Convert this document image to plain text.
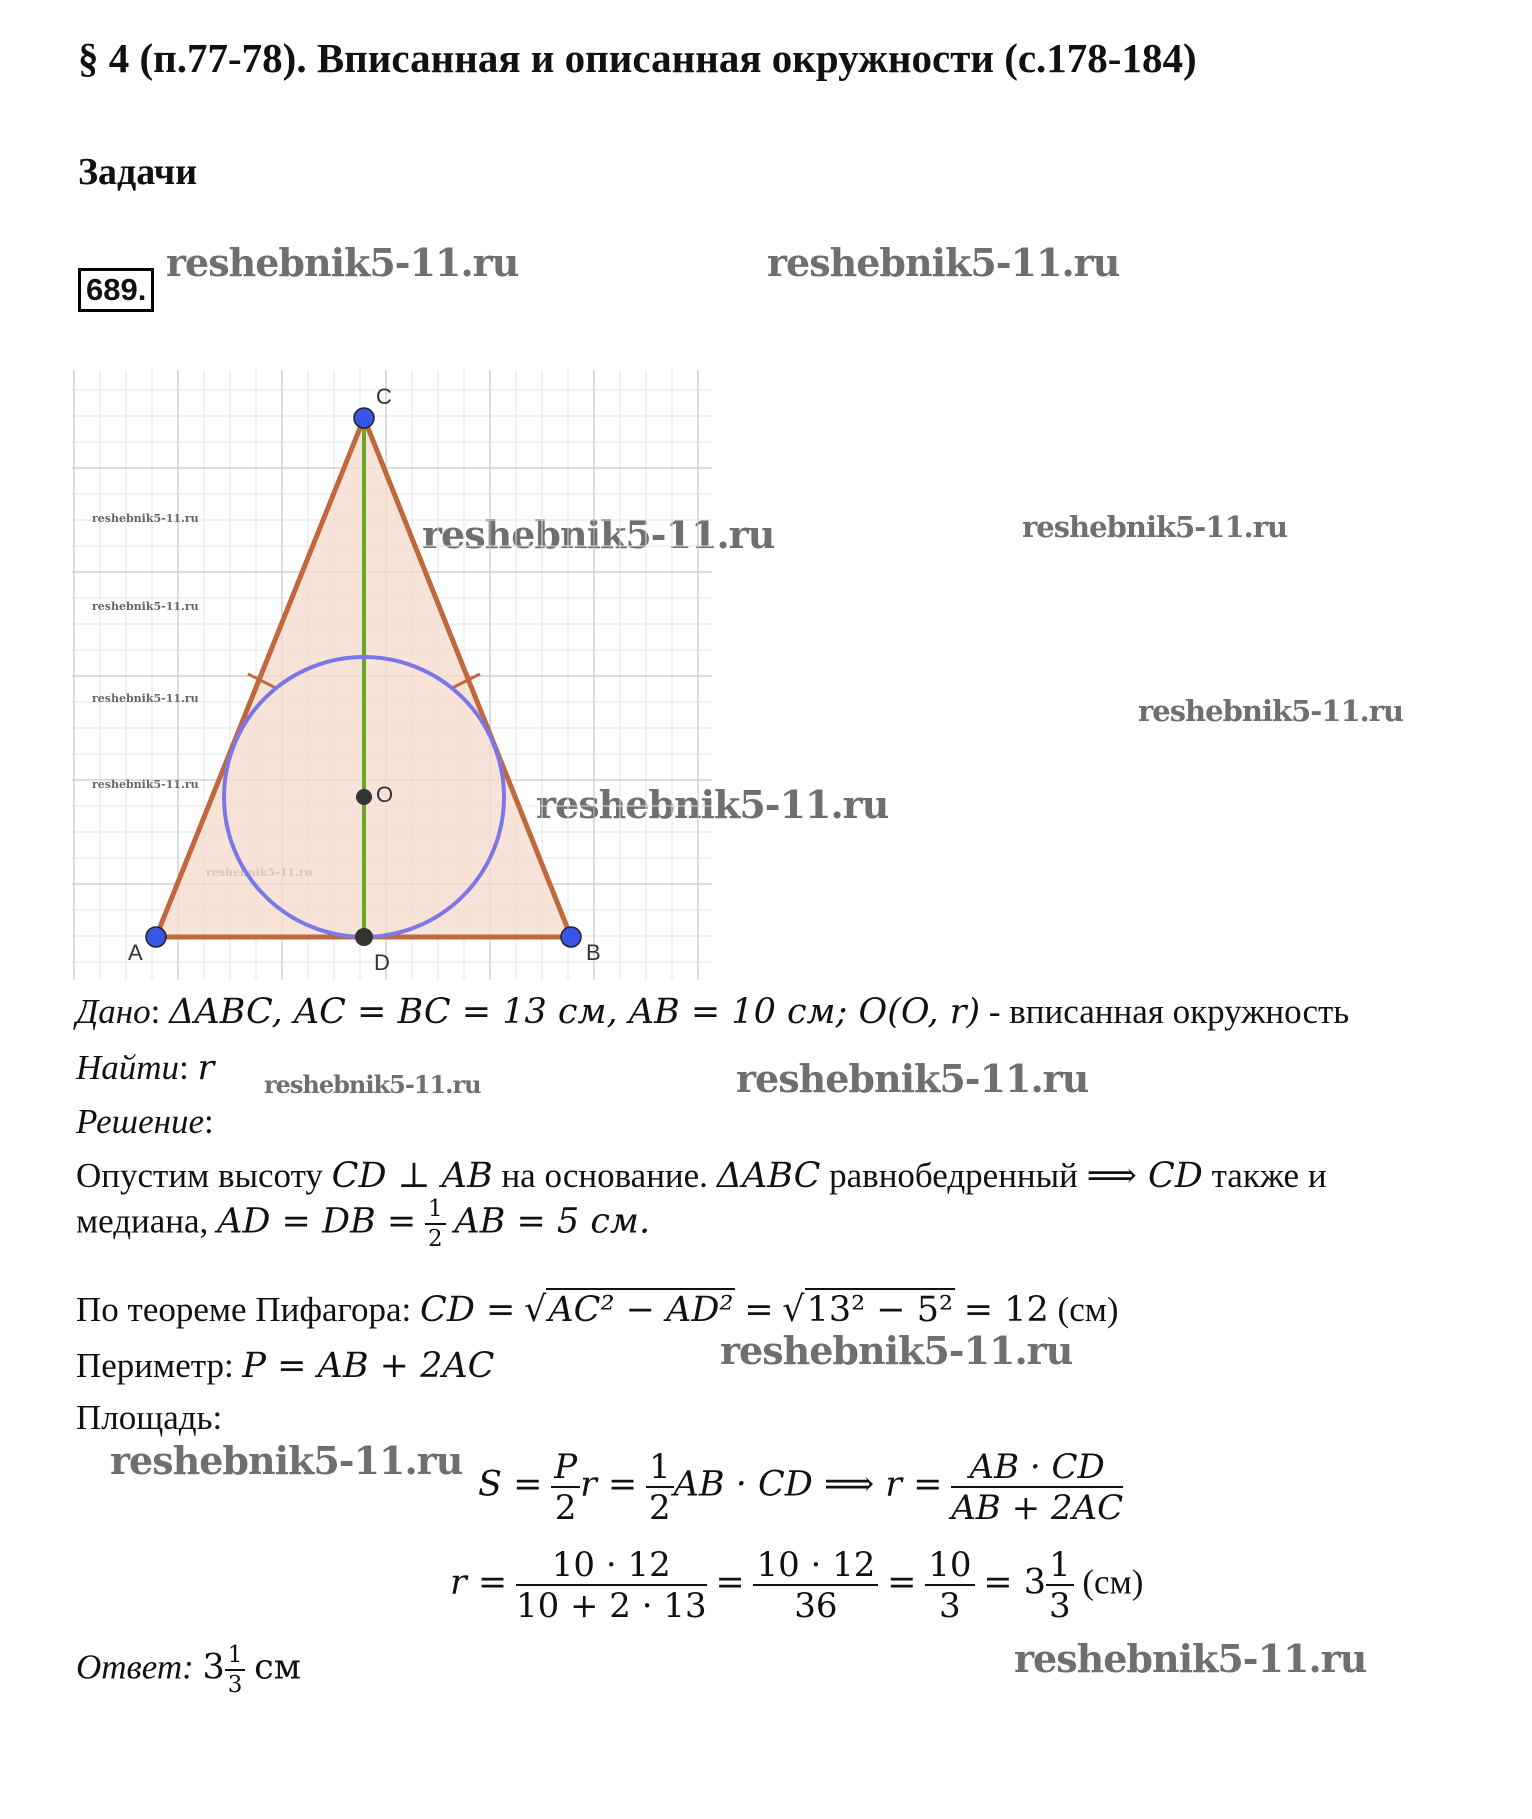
§ 4 (п.77-78). Вписанная и описанная окружности (с.178-184)
Задачи
689.
reshebnik5-11.ru	reshebnik5-11.ru
reshebnik5-11.ru	reshebnik5-11.ru
reshebnik5-11.ru
reshebnik5-11.ru
reshebnik5-11.ru	reshebnik5-11.ru
reshebnik5-11.ru
reshebnik5-11.ru
reshebnik5-11.ru
reshebnik5-11.ru
reshebnik5-11.ru
reshebnik5-11.ru
reshebnik5-11.ru
C
A	B
D
O
Дано: ΔABC, AC = BC = 13 см, AB = 10 см; O(O, r) - вписанная окружность
Найти: r
Решение:
Опустим высоту CD ⊥ AB на основание. ΔABC равнобедренный ⟹ CD также и
медиана, AD = DB = $\frac{1}{2}$ AB = 5 см.
По теореме Пифагора: CD = √AC² − AD² = √13² − 5² = 12 (см)
Периметр: P = AB + 2AC
Площадь:
$S = \frac{P}{2}$ $r = \frac{1}{2}$ AB · CD ⟹ $r = \frac{AB \cdot CD}{AB + 2AC}$
$r = \frac{10 \cdot 12}{10 + 2 \cdot 13} = \frac{10 \cdot 12}{36} = \frac{10}{3} = 3 \frac{1}{3} (см)$
Ответ: $3 \frac{1}{3}$ см
